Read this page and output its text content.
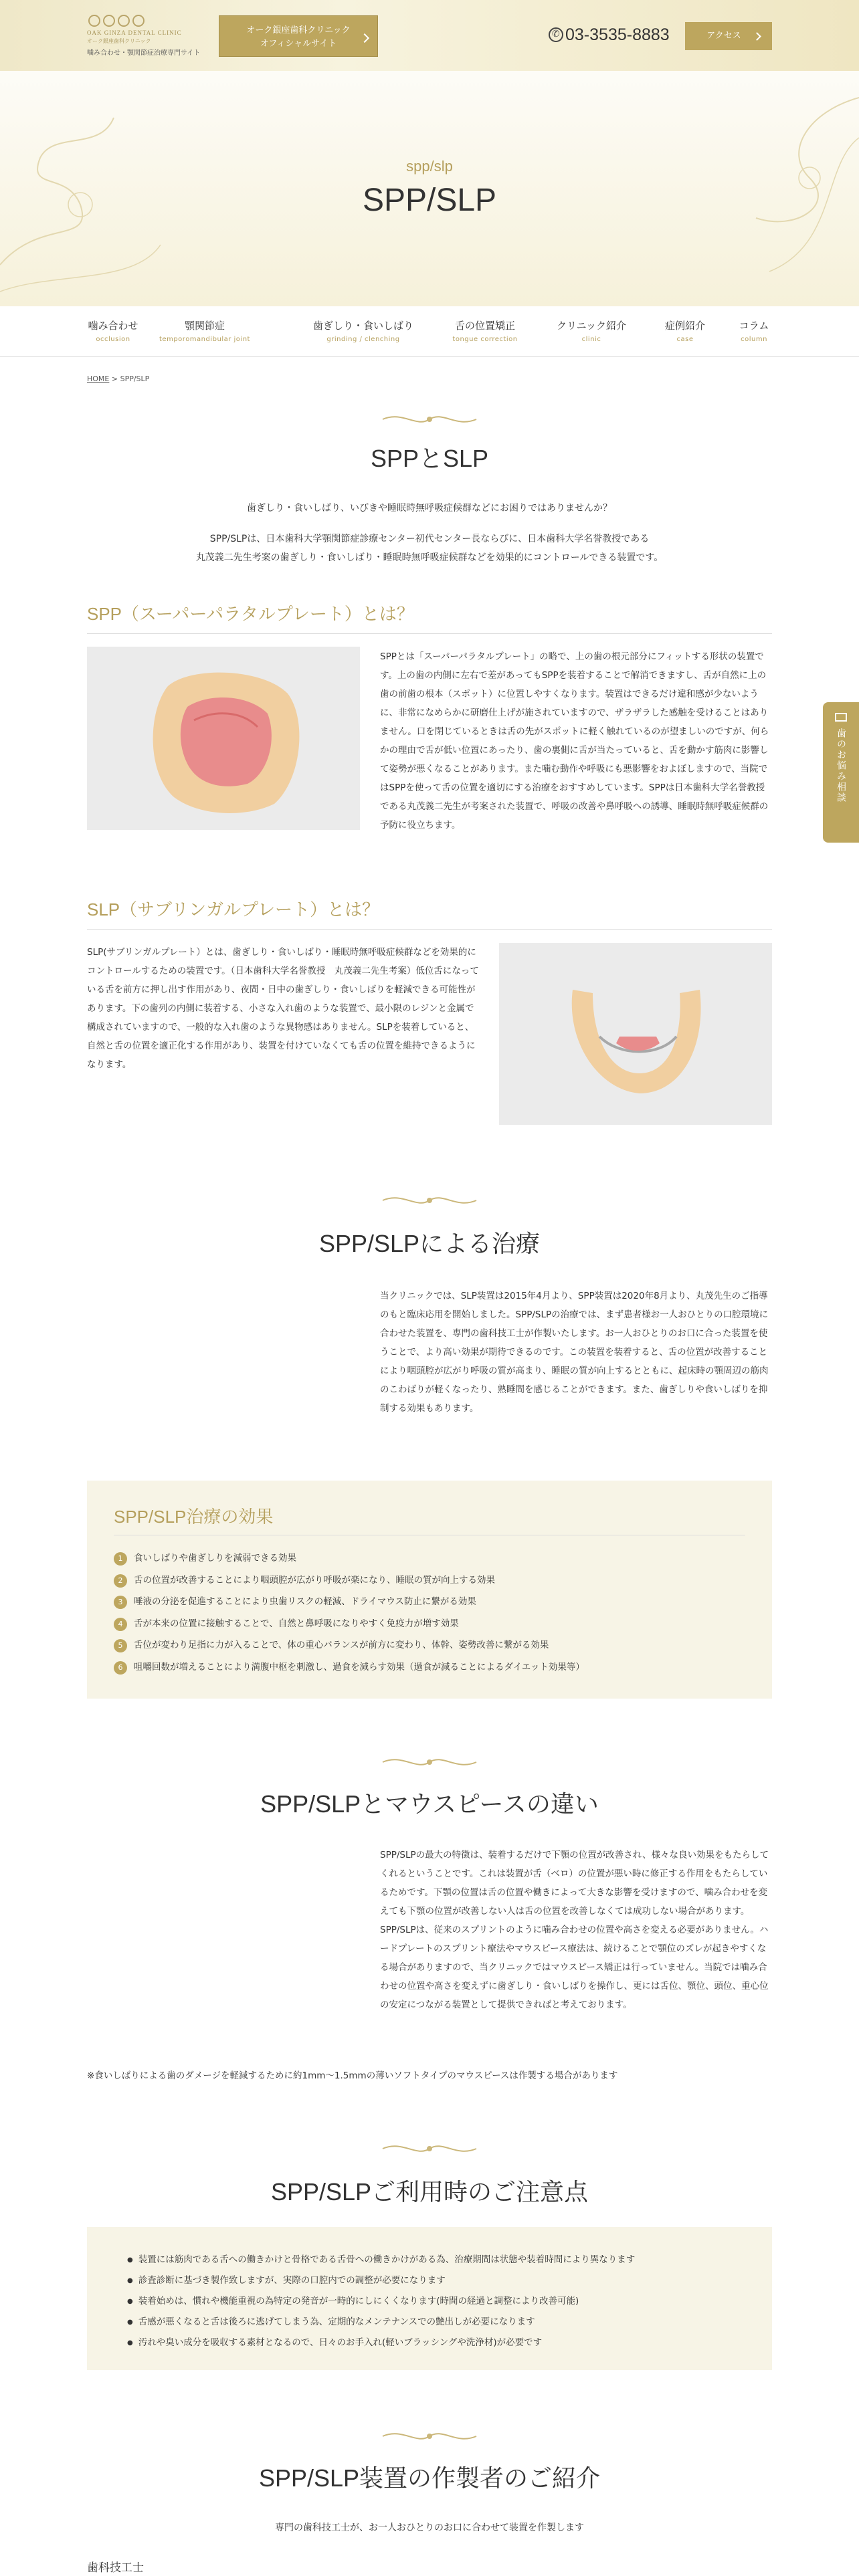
OAK GINZA DENTAL CLINIC
オーク銀座歯科クリニック
噛み合わせ・顎関節症治療専門サイト
オーク銀座歯科クリニック
オフィシャルサイト ✆	03-3535-8883	アクセス
spp/slp
SPP/SLP
噛み合わせ
occlusion
顎関節症
temporomandibular joint
歯ぎしり・食いしばり
grinding / clenching
舌の位置矯正
tongue correction
クリニック紹介
clinic
症例紹介
case
コラム
column
HOME > SPP/SLP
SPPとSLP
歯ぎしり・食いしばり、いびきや睡眠時無呼吸症候群などにお困りではありませんか？
SPP/SLPは、日本歯科大学顎関節症診療センター初代センター長ならびに、日本歯科大学名誉教授である
丸茂義二先生考案の歯ぎしり・食いしばり・睡眠時無呼吸症候群などを効果的にコントロールできる装置です。
SPP（スーパーパラタルプレート）とは？
SPPとは「スーパーパラタルプレート」の略で、上の歯の根元部分にフィットする形状の装置です。上の歯の内側に左右で差があってもSPPを装着することで解消できますし、舌が自然に上の歯の前歯の根本（スポット）に位置しやすくなります。装置はできるだけ違和感が少ないように、非常になめらかに研磨仕上げが施されていますので、ザラザラした感触を受けることはありません。口を閉じているときは舌の先がスポットに軽く触れているのが望ましいのですが、何らかの理由で舌が低い位置にあったり、歯の裏側に舌が当たっていると、舌を動かす筋肉に影響して姿勢が悪くなることがあります。また噛む動作や呼吸にも悪影響をおよぼしますので、当院ではSPPを使って舌の位置を適切にする治療をおすすめしています。SPPは日本歯科大学名誉教授である丸茂義二先生が考案された装置で、呼吸の改善や鼻呼吸への誘導、睡眠時無呼吸症候群の予防に役立ちます。
SLP（サブリンガルプレート）とは？
SLP(サブリンガルプレート）とは、歯ぎしり・食いしばり・睡眠時無呼吸症候群などを効果的にコントロールするための装置です。（日本歯科大学名誉教授　丸茂義二先生考案）低位舌になっている舌を前方に押し出す作用があり、夜間・日中の歯ぎしり・食いしばりを軽減できる可能性があります。下の歯列の内側に装着する、小さな入れ歯のような装置で、最小限のレジンと金属で構成されていますので、一般的な入れ歯のような異物感はありません。SLPを装着していると、自然と舌の位置を適正化する作用があり、装置を付けていなくても舌の位置を維持できるようになります。
SPP/SLPによる治療
当クリニックでは、SLP装置は2015年4月より、SPP装置は2020年8月より、丸茂先生のご指導のもと臨床応用を開始しました。SPP/SLPの治療では、まず患者様お一人おひとりの口腔環境に合わせた装置を、専門の歯科技工士が作製いたします。お一人おひとりのお口に合った装置を使うことで、より高い効果が期待できるのです。この装置を装着すると、舌の位置が改善することにより咽頭腔が広がり呼吸の質が高まり、睡眠の質が向上するとともに、起床時の顎周辺の筋肉のこわばりが軽くなったり、熟睡間を感じることができます。また、歯ぎしりや食いしばりを抑制する効果もあります。
SPP/SLP治療の効果
1 食いしばりや歯ぎしりを減弱できる効果
2 舌の位置が改善することにより咽頭腔が広がり呼吸が楽になり、睡眠の質が向上する効果
3 唾液の分泌を促進することにより虫歯リスクの軽減、ドライマウス防止に繋がる効果
4 舌が本来の位置に接触することで、自然と鼻呼吸になりやすく免疫力が増す効果
5 舌位が変わり足指に力が入ることで、体の重心バランスが前方に変わり、体幹、姿勢改善に繋がる効果
6 咀嚼回数が増えることにより満腹中枢を刺激し、過食を減らす効果（過食が減ることによるダイエット効果等）
SPP/SLPとマウスピースの違い
SPP/SLPの最大の特徴は、装着するだけで下顎の位置が改善され、様々な良い効果をもたらしてくれるということです。これは装置が舌（ベロ）の位置が悪い時に修正する作用をもたらしているためです。下顎の位置は舌の位置や働きによって大きな影響を受けますので、噛み合わせを変えても下顎の位置が改善しない人は舌の位置を改善しなくては成功しない場合があります。SPP/SLPは、従来のスプリントのように噛み合わせの位置や高さを変える必要がありません。ハードプレートのスプリント療法やマウスピース療法は、続けることで顎位のズレが起きやすくなる場合がありますので、当クリニックではマウスピース矯正は行っていません。当院では噛み合わせの位置や高さを変えずに歯ぎしり・食いしばりを操作し、更には舌位、顎位、頭位、重心位の安定につながる装置として提供できればと考えております。
※食いしばりによる歯のダメージを軽減するために約1mm〜1.5mmの薄いソフトタイプのマウスピースは作製する場合があります
SPP/SLPご利用時のご注意点
● 装置には筋肉である舌への働きかけと骨格である舌骨への働きかけがある為、治療期間は状態や装着時間により異なります
● 診査診断に基づき製作致しますが、実際の口腔内での調整が必要になります
● 装着始めは、慣れや機能重視の為特定の発音が一時的にしにくくなります(時間の経過と調整により改善可能)
● 舌感が悪くなると舌は後ろに逃げてしまう為、定期的なメンテナンスでの艶出しが必要になります
● 汚れや臭い成分を吸収する素材となるので、日々のお手入れ(軽いブラッシングや洗浄材)が必要です
SPP/SLP装置の作製者のご紹介
専門の歯科技工士が、お一人おひとりのお口に合わせて装置を作製します
歯科技工士
歯のお悩み相談
